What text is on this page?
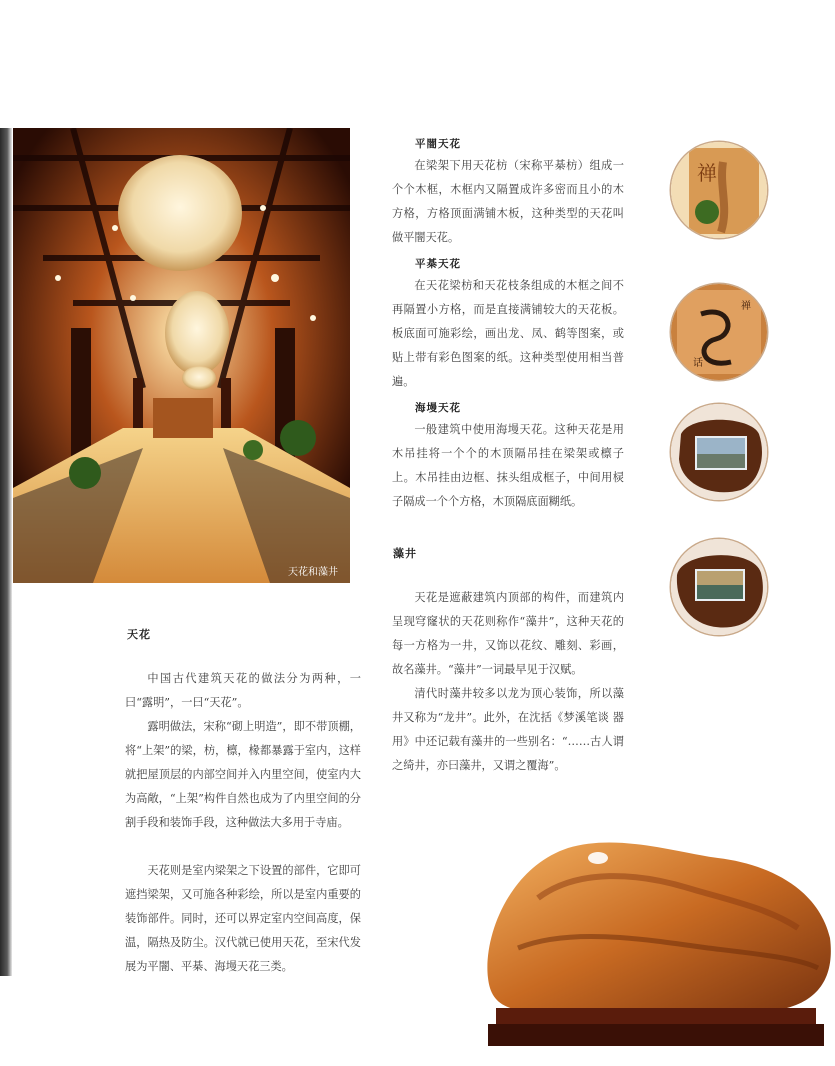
天花和藻井
天花

中国古代建筑天花的做法分为两种，一曰“露明”，一曰“天花”。

露明做法，宋称“砌上明造”，即不带顶棚，将“上架”的梁，枋，檩，椽都暴露于室内，这样就把屋顶层的内部空间并入内里空间，使室内大为高敞，“上架”构件自然也成为了内里空间的分割手段和装饰手段，这种做法大多用于寺庙。

天花则是室内梁架之下设置的部件，它即可遮挡梁架，又可施各种彩绘，所以是室内重要的装饰部件。同时，还可以界定室内空间高度，保温，隔热及防尘。汉代就已使用天花，至宋代发展为平闇、平棊、海墁天花三类。

平闇天花

在梁架下用天花枋（宋称平棊枋）组成一个个木框，木框内又隔置成许多密而且小的木方格，方格顶面满铺木板，这种类型的天花叫做平闇天花。

平棊天花

在天花梁枋和天花枝条组成的木框之间不再隔置小方格，而是直接满铺较大的天花板。板底面可施彩绘，画出龙、凤、鹤等图案，或贴上带有彩色图案的纸。这种类型使用相当普遍。

海墁天花

一般建筑中使用海墁天花。这种天花是用木吊挂将一个个的木顶隔吊挂在梁架或檩子上。木吊挂由边框、抹头组成框子，中间用棂子隔成一个个方格，木顶隔底面糊纸。

藻井

天花是遮蔽建筑内顶部的构件，而建筑内呈现穹窿状的天花则称作“藻井”，这种天花的每一方格为一井，又饰以花纹、雕刻、彩画，故名藻井。“藻井”一词最早见于汉赋。

清代时藻井较多以龙为顶心装饰，所以藻井又称为“龙井”。此外，在沈括《梦溪笔谈 器用》中还记载有藻井的一些别名：“……古人谓之绮井，亦曰藻井，又谓之覆海”。

禅
禅
话
